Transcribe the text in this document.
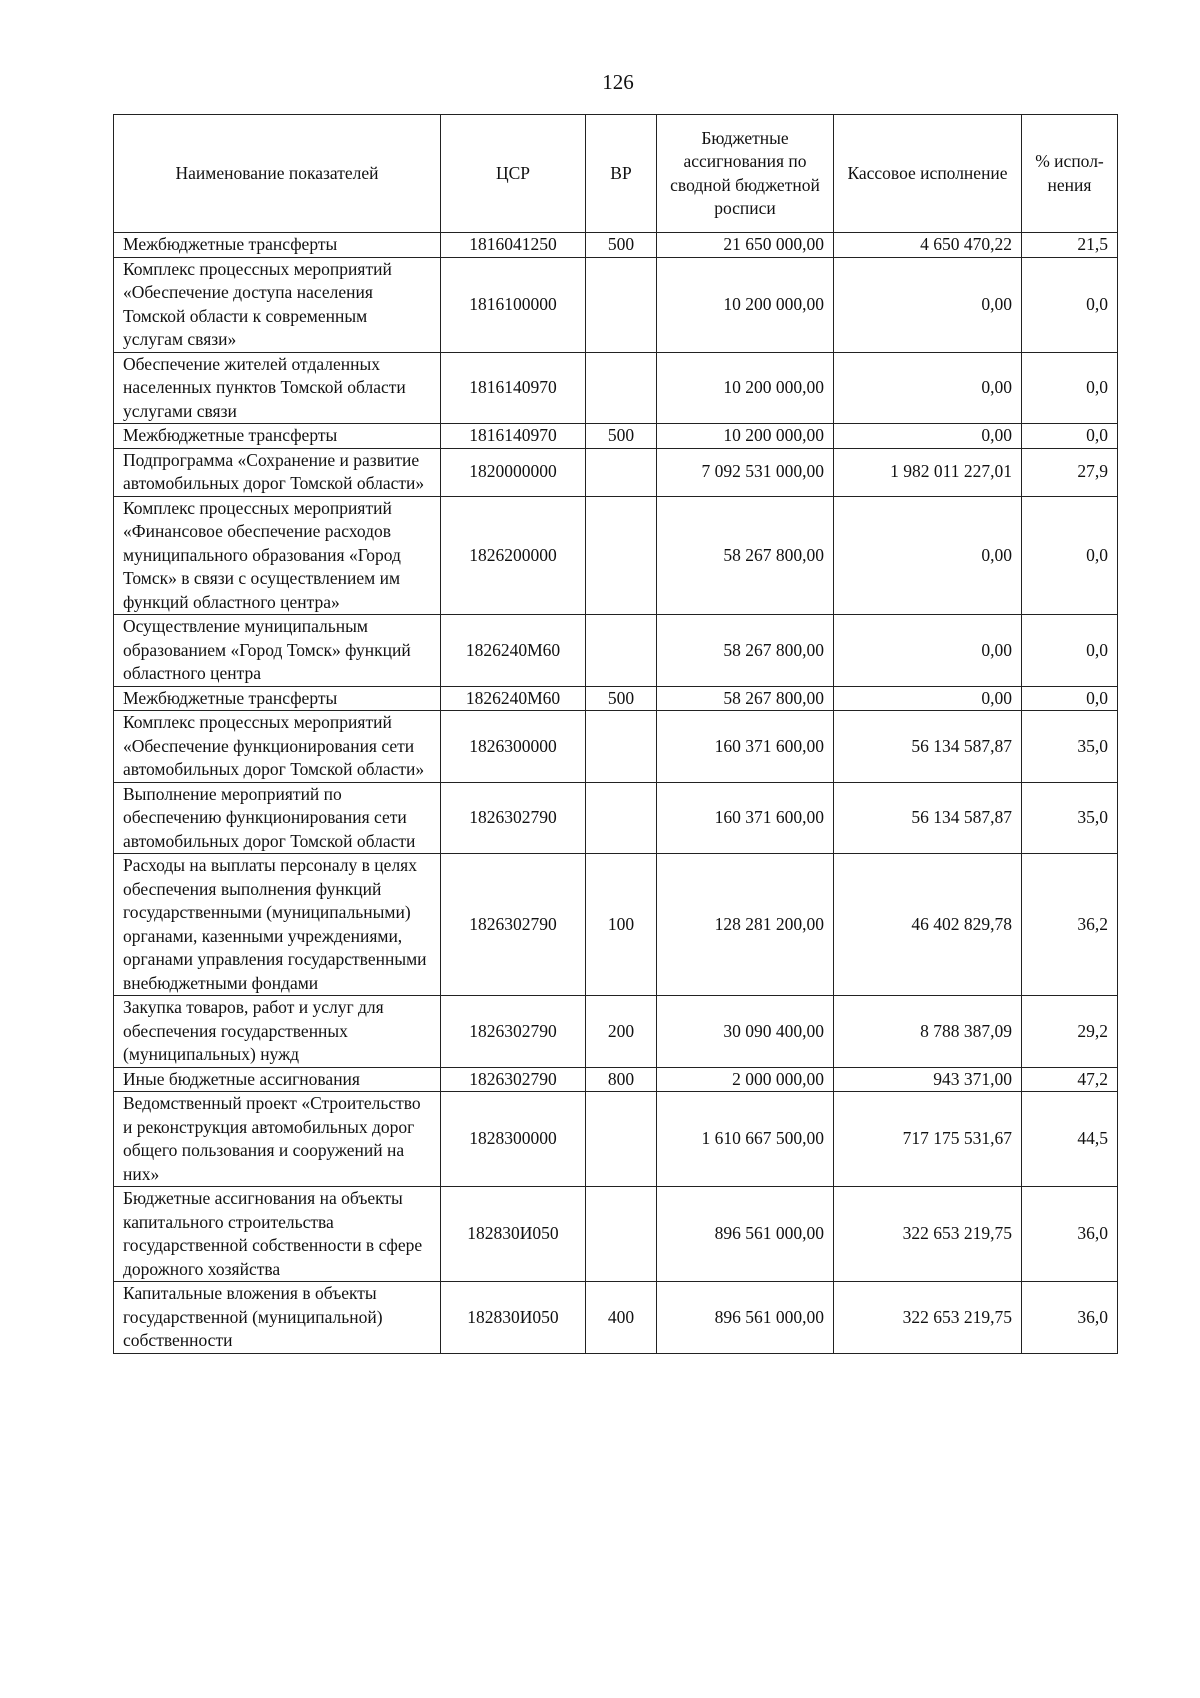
126
Наименование показателей	ЦСР	ВР	Бюджетные ассигнования по сводной бюджетной росписи	Кассовое исполнение	% испол-нения
Межбюджетные трансферты	1816041250	500	21 650 000,00	4 650 470,22	21,5
Комплекс процессных мероприятий «Обеспечение доступа населения Томской области к современным услугам связи»	1816100000		10 200 000,00	0,00	0,0
Обеспечение жителей отдаленных населенных пунктов Томской области услугами связи	1816140970		10 200 000,00	0,00	0,0
Межбюджетные трансферты	1816140970	500	10 200 000,00	0,00	0,0
Подпрограмма «Сохранение и развитие автомобильных дорог Томской области»	1820000000		7 092 531 000,00	1 982 011 227,01	27,9
Комплекс процессных мероприятий «Финансовое обеспечение расходов муниципального образования «Город Томск» в связи с осуществлением им функций областного центра»	1826200000		58 267 800,00	0,00	0,0
Осуществление муниципальным образованием «Город Томск» функций областного центра	1826240М60		58 267 800,00	0,00	0,0
Межбюджетные трансферты	1826240М60	500	58 267 800,00	0,00	0,0
Комплекс процессных мероприятий «Обеспечение функционирования сети автомобильных дорог Томской области»	1826300000		160 371 600,00	56 134 587,87	35,0
Выполнение мероприятий по обеспечению функционирования сети автомобильных дорог Томской области	1826302790		160 371 600,00	56 134 587,87	35,0
Расходы на выплаты персоналу в целях обеспечения выполнения функций государственными (муниципальными) органами, казенными учреждениями, органами управления государственными внебюджетными фондами	1826302790	100	128 281 200,00	46 402 829,78	36,2
Закупка товаров, работ и услуг для обеспечения государственных (муниципальных) нужд	1826302790	200	30 090 400,00	8 788 387,09	29,2
Иные бюджетные ассигнования	1826302790	800	2 000 000,00	943 371,00	47,2
Ведомственный проект «Строительство и реконструкция автомобильных дорог общего пользования и сооружений на них»	1828300000		1 610 667 500,00	717 175 531,67	44,5
Бюджетные ассигнования на объекты капитального строительства государственной собственности в сфере дорожного хозяйства	182830И050		896 561 000,00	322 653 219,75	36,0
Капитальные вложения в объекты государственной (муниципальной) собственности	182830И050	400	896 561 000,00	322 653 219,75	36,0
